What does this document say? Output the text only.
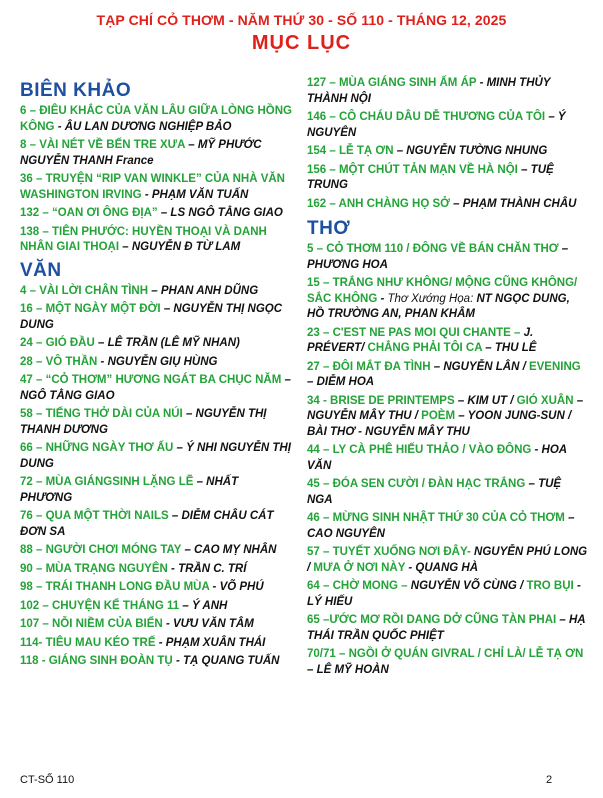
TẠP CHÍ CỎ THƠM - NĂM THỨ 30 - SỐ 110 - THÁNG 12, 2025
MỤC LỤC
BIÊN KHẢO
6 – ĐIÊU KHẮC CỦA VĂN LÂU GIỮA LÒNG HỒNG KÔNG - ÂU LAN DƯƠNG NGHIỆP BẢO
8 – VÀI NÉT VỀ BẾN TRE XƯA – MỸ PHƯỚC NGUYỄN THANH France
36 – TRUYỆN “RIP VAN WINKLE” CỦA NHÀ VĂN WASHINGTON IRVING - PHẠM VĂN TUẤN
132 – “OAN ƠI ÔNG ĐỊA” – LS NGÔ TẰNG GIAO
138 – TIÊN PHƯỚC: HUYỀN THOẠI VÀ DANH NHÂN GIAI THOẠI – NGUYỄN Đ TỪ LAM
VĂN
4 – VÀI LỜI CHÂN TÌNH – PHAN ANH DŨNG
16 – MỘT NGÀY MỘT ĐỜI – NGUYỄN THỊ NGỌC DUNG
24 – GIÓ ĐẦU – LÊ TRẦN (LÊ MỸ NHAN)
28 – VÔ THẦN - NGUYỄN GIỤ HÙNG
47 – “CỎ THƠM” HƯƠNG NGÁT BA CHỤC NĂM – NGÔ TẰNG GIAO
58 – TIẾNG THỞ DÀI CỦA NÚI – NGUYỄN THỊ THANH DƯƠNG
66 – NHỮNG NGÀY THƠ ẤU – Ý NHI NGUYỄN THỊ DUNG
72 – MÙA GIÁNGSINH LẶNG LẼ – NHẤT PHƯƠNG
76 – QUA MỘT THỜI NAILS – DIỄM CHÂU CÁT ĐƠN SA
88 – NGƯỜI CHƠI MÓNG TAY – CAO MỴ NHÂN
90 – MÙA TRẠNG NGUYÊN - TRẦN C. TRÍ
98 – TRÁI THANH LONG ĐẦU MÙA - VÕ PHÚ
102 – CHUYỆN KỂ THÁNG 11 – Ý ANH
107 – NỖI NIỀM CỦA BIỂN - VƯU VĂN TÂM
114- TIÊU MAU KÉO TRẾ - PHẠM XUÂN THÁI
118 - GIÁNG SINH ĐOÀN TỤ - TẠ QUANG TUẤN
127 – MÙA GIÁNG SINH ẤM ÁP - MINH THỦY THÀNH NỘI
146 – CÔ CHÁU DÂU DỄ THƯƠNG CỦA TÔI – Ý NGUYÊN
154 – LỄ TẠ ƠN – NGUYỄN TƯỜNG NHUNG
156 – MỘT CHÚT TẢN MẠN VỀ HÀ NỘI – TUỆ TRUNG
162 – ANH CHÀNG HỌ SỞ – PHẠM THÀNH CHÂU
THƠ
5 – CỎ THƠM 110 / ĐÔNG VỀ BÁN CHĂN THƠ – PHƯƠNG HOA
15 – TRẮNG NHƯ KHÔNG/ MỘNG CŨNG KHÔNG/ SẮC KHÔNG - Thơ Xướng Họa: NT NGỌC DUNG, HỒ TRƯỜNG AN, PHAN KHÂM
23 – C'EST NE PAS MOI QUI CHANTE – J. PRÉVERT/ CHẲNG PHẢI TÔI CA – THU LÊ
27 – ĐÔI MẮT ĐA TÌNH – NGUYỄN LÂN / EVENING – DIỄM HOA
34 - BRISE DE PRINTEMPS – KIM UT / GIÓ XUÂN – NGUYỄN MÂY THU / POÈM – YOON JUNG-SUN / BÀI THƠ - NGUYỄN MÂY THU
44 – LY CÀ PHÊ HIẾU THẢO / VÀO ĐÔNG - HOA VĂN
45 – ĐÓA SEN CƯỜI / ĐÀN HẠC TRẮNG – TUỆ NGA
46 – MỪNG SINH NHẬT THỨ 30 CỦA CỎ THƠM – CAO NGUYÊN
57 – TUYẾT XUỐNG NƠI ĐÂY- NGUYỄN PHÚ LONG / MƯA Ở NƠI NÀY - QUANG HÀ
64 – CHỜ MONG – NGUYỄN VÕ CÙNG / TRO BỤI - LÝ HIẾU
65 –ƯỚC MƠ RỒI DANG DỞ CŨNG TÀN PHAI – HẠ THÁI TRẦN QUỐC PHIỆT
70/71 – NGỒI Ở QUÁN GIVRAL / CHỈ LÀ/ LỄ TẠ ƠN – LÊ MỸ HOÀN
CT-SỐ 110	2
